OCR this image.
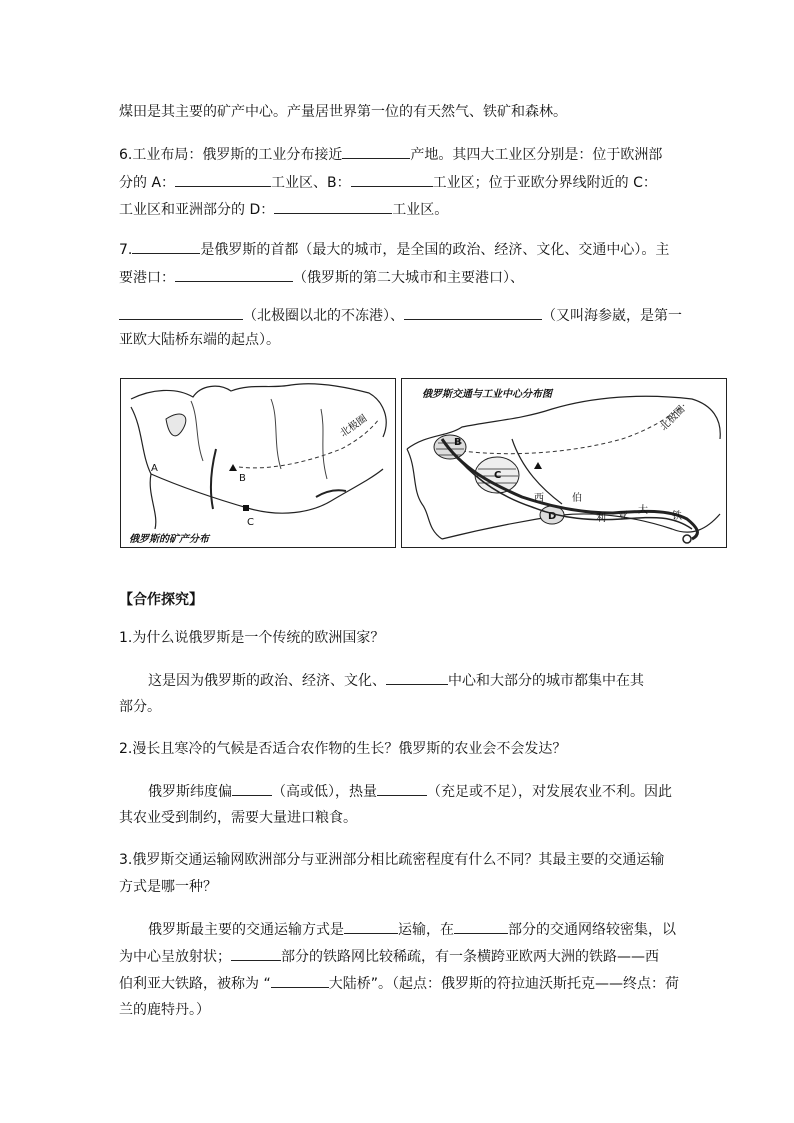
煤田是其主要的矿产中心。产量居世界第一位的有天然气、铁矿和森林。
6.工业布局：俄罗斯的工业分布接近	产地。其四大工业区分别是：位于欧洲部
分的 A：	工业区、B：	工业区；位于亚欧分界线附近的 C：
工业区和亚洲部分的 D：	工业区。
7.	是俄罗斯的首都（最大的城市，是全国的政治、经济、文化、交通中心）。主
要港口：	（俄罗斯的第二大城市和主要港口）、
（北极圈以北的不冻港）、	（又叫海参崴，是第一
亚欧大陆桥东端的起点）。
北极圈
A
B
C
俄罗斯的矿产分布
俄罗斯交通与工业中心分布图
北极圈
B
C
D
西	伯
利 亚
大
铁
【合作探究】
1.为什么说俄罗斯是一个传统的欧洲国家？
这是因为俄罗斯的政治、经济、文化、	中心和大部分的城市都集中在其
部分。
2.漫长且寒冷的气候是否适合农作物的生长？俄罗斯的农业会不会发达？
俄罗斯纬度偏	（高或低），热量	（充足或不足），对发展农业不利。因此
其农业受到制约，需要大量进口粮食。
3.俄罗斯交通运输网欧洲部分与亚洲部分相比疏密程度有什么不同？其最主要的交通运输
方式是哪一种？
俄罗斯最主要的交通运输方式是	运输，在	部分的交通网络较密集，以
为中心呈放射状；	部分的铁路网比较稀疏，有一条横跨亚欧两大洲的铁路——西
伯利亚大铁路，被称为 “	大陆桥”。（起点：俄罗斯的符拉迪沃斯托克——终点：荷
兰的鹿特丹。）
